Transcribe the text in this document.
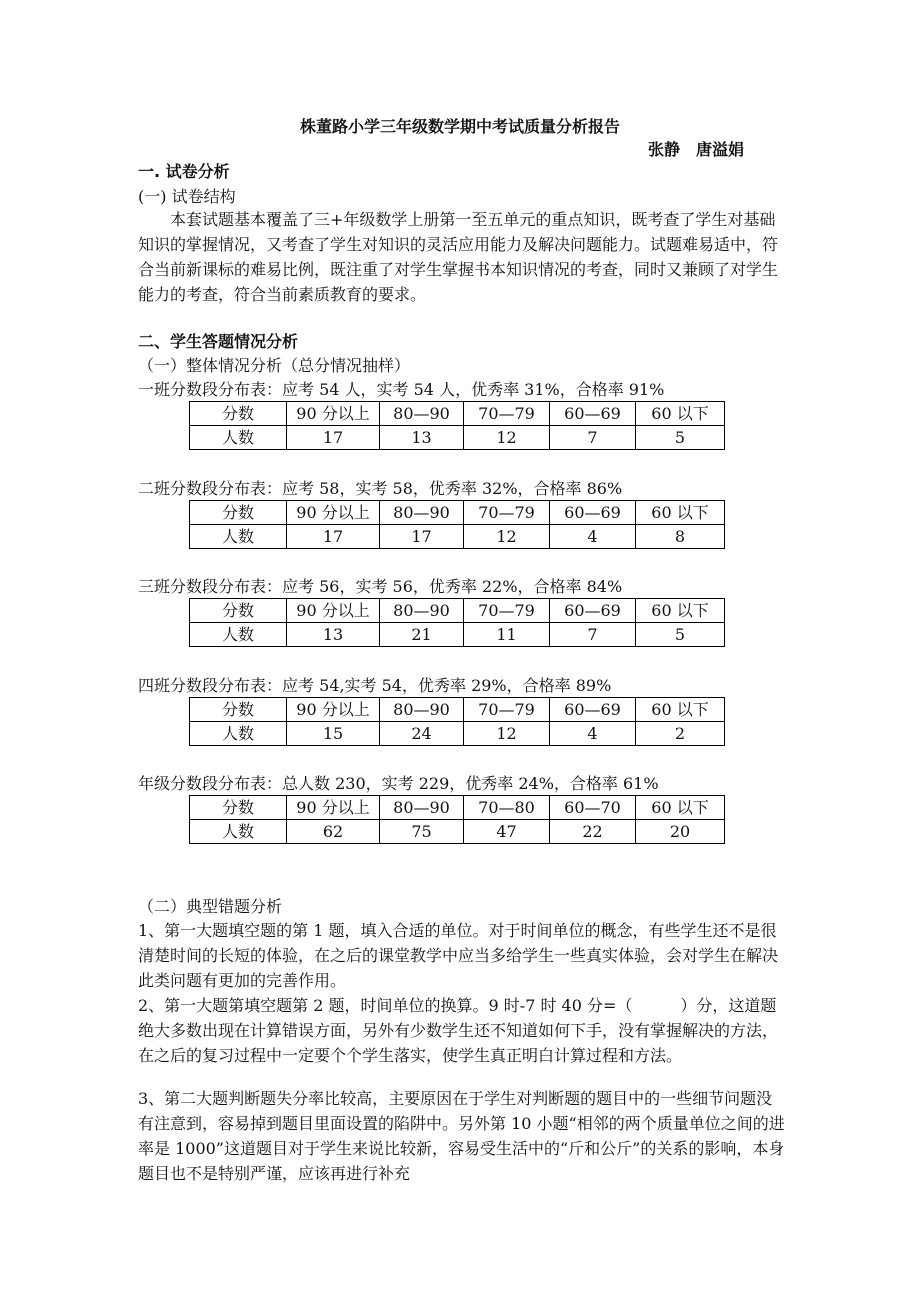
株董路小学三年级数学期中考试质量分析报告
张静　唐溢娟
一. 试卷分析
(一) 试卷结构
　　本套试题基本覆盖了三+年级数学上册第一至五单元的重点知识，既考查了学生对基础知识的掌握情况，又考查了学生对知识的灵活应用能力及解决问题能力。试题难易适中，符合当前新课标的难易比例，既注重了对学生掌握书本知识情况的考查，同时又兼顾了对学生能力的考查，符合当前素质教育的要求。
二、学生答题情况分析
（一）整体情况分析（总分情况抽样）
一班分数段分布表：应考 54 人，实考 54 人，优秀率 31%，合格率 91%
分数	90 分以上	80—90	70—79	60—69	60 以下
人数	17	13	12	7	5
二班分数段分布表：应考 58，实考 58，优秀率 32%，合格率 86%
分数	90 分以上	80—90	70—79	60—69	60 以下
人数	17	17	12	4	8
三班分数段分布表：应考 56，实考 56，优秀率 22%，合格率 84%
分数	90 分以上	80—90	70—79	60—69	60 以下
人数	13	21	11	7	5
四班分数段分布表：应考 54,实考 54，优秀率 29%，合格率 89%
分数	90 分以上	80—90	70—79	60—69	60 以下
人数	15	24	12	4	2
年级分数段分布表：总人数 230，实考 229，优秀率 24%，合格率 61%
分数	90 分以上	80—90	70—80	60—70	60 以下
人数	62	75	47	22	20
（二）典型错题分析
1、第一大题填空题的第 1 题，填入合适的单位。对于时间单位的概念，有些学生还不是很清楚时间的长短的体验，在之后的课堂教学中应当多给学生一些真实体验，会对学生在解决此类问题有更加的完善作用。
2、第一大题第填空题第 2 题，时间单位的换算。9 时-7 时 40 分=（　　　）分，这道题绝大多数出现在计算错误方面，另外有少数学生还不知道如何下手，没有掌握解决的方法，在之后的复习过程中一定要个个学生落实，使学生真正明白计算过程和方法。
3、第二大题判断题失分率比较高，主要原因在于学生对判断题的题目中的一些细节问题没有注意到，容易掉到题目里面设置的陷阱中。另外第 10 小题“相邻的两个质量单位之间的进率是 1000”这道题目对于学生来说比较新，容易受生活中的“斤和公斤”的关系的影响，本身题目也不是特别严谨，应该再进行补充
